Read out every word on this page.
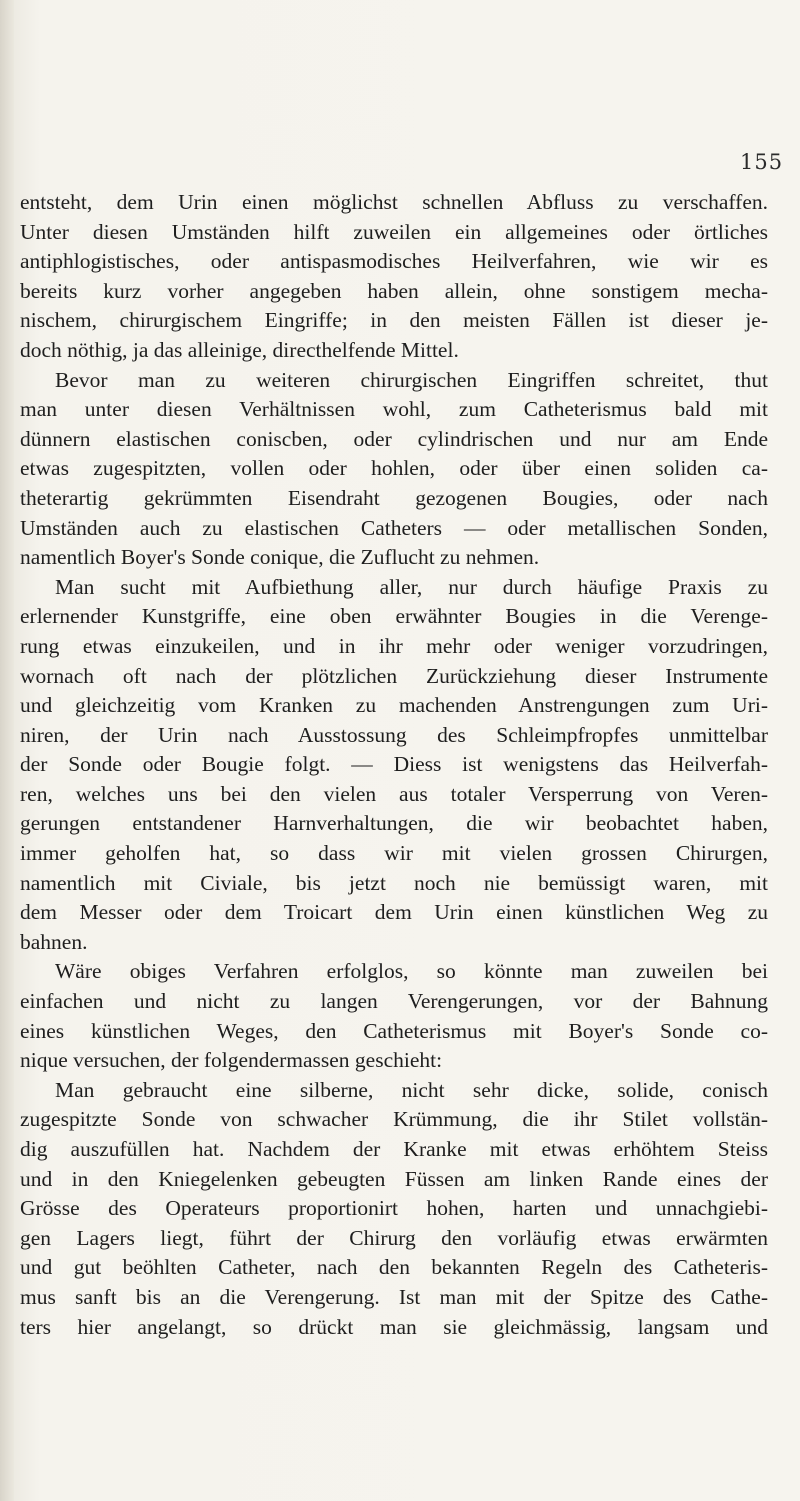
155
entsteht, dem Urin einen möglichst schnellen Abfluss zu verschaffen.
Unter diesen Umständen hilft zuweilen ein allgemeines oder örtliches
antiphlogistisches, oder antispasmodisches Heilverfahren, wie wir es
bereits kurz vorher angegeben haben allein, ohne sonstigem mecha-
nischem, chirurgischem Eingriffe; in den meisten Fällen ist dieser je-
doch nöthig, ja das alleinige, directhelfende Mittel.
Bevor man zu weiteren chirurgischen Eingriffen schreitet, thut
man unter diesen Verhältnissen wohl, zum Catheterismus bald mit
dünnern elastischen coniscben, oder cylindrischen und nur am Ende
etwas zugespitzten, vollen oder hohlen, oder über einen soliden ca-
theterartig gekrümmten Eisendraht gezogenen Bougies, oder nach
Umständen auch zu elastischen Catheters — oder metallischen Sonden,
namentlich Boyer's Sonde conique, die Zuflucht zu nehmen.
Man sucht mit Aufbiethung aller, nur durch häufige Praxis zu
erlernender Kunstgriffe, eine oben erwähnter Bougies in die Verenge-
rung etwas einzukeilen, und in ihr mehr oder weniger vorzudringen,
wornach oft nach der plötzlichen Zurückziehung dieser Instrumente
und gleichzeitig vom Kranken zu machenden Anstrengungen zum Uri-
niren, der Urin nach Ausstossung des Schleimpfropfes unmittelbar
der Sonde oder Bougie folgt. — Diess ist wenigstens das Heilverfah-
ren, welches uns bei den vielen aus totaler Versperrung von Veren-
gerungen entstandener Harnverhaltungen, die wir beobachtet haben,
immer geholfen hat, so dass wir mit vielen grossen Chirurgen,
namentlich mit Civiale, bis jetzt noch nie bemüssigt waren, mit
dem Messer oder dem Troicart dem Urin einen künstlichen Weg zu
bahnen.
Wäre obiges Verfahren erfolglos, so könnte man zuweilen bei
einfachen und nicht zu langen Verengerungen, vor der Bahnung
eines künstlichen Weges, den Catheterismus mit Boyer's Sonde co-
nique versuchen, der folgendermassen geschieht:
Man gebraucht eine silberne, nicht sehr dicke, solide, conisch
zugespitzte Sonde von schwacher Krümmung, die ihr Stilet vollstän-
dig auszufüllen hat. Nachdem der Kranke mit etwas erhöhtem Steiss
und in den Kniegelenken gebeugten Füssen am linken Rande eines der
Grösse des Operateurs proportionirt hohen, harten und unnachgiebi-
gen Lagers liegt, führt der Chirurg den vorläufig etwas erwärmten
und gut beöhlten Catheter, nach den bekannten Regeln des Catheteris-
mus sanft bis an die Verengerung. Ist man mit der Spitze des Cathe-
ters hier angelangt, so drückt man sie gleichmässig, langsam und
